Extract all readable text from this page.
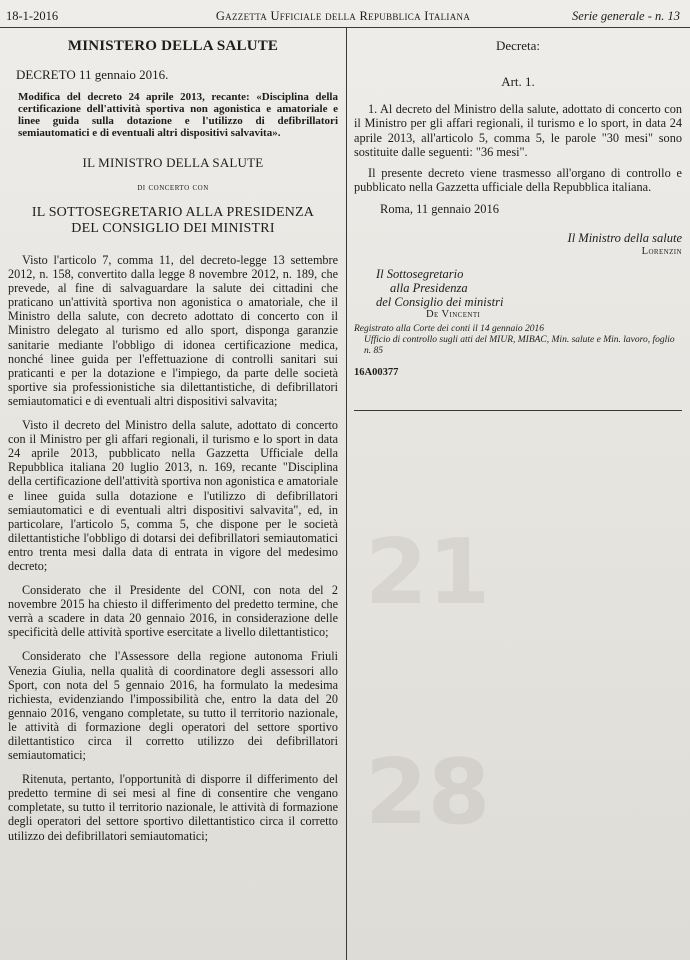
18-1-2016	Gazzetta Ufficiale della Repubblica Italiana	Serie generale - n. 13
21
28
MINISTERO DELLA SALUTE
DECRETO 11 gennaio 2016.
Modifica del decreto 24 aprile 2013, recante: «Disciplina della certificazione dell'attività sportiva non agonistica e amatoriale e linee guida sulla dotazione e l'utilizzo di defibrillatori semiautomatici e di eventuali altri dispositivi salvavita».
IL MINISTRO DELLA SALUTE
di concerto con
IL SOTTOSEGRETARIO ALLA PRESIDENZA
DEL CONSIGLIO DEI MINISTRI

Visto l'articolo 7, comma 11, del decreto-legge 13 settembre 2012, n. 158, convertito dalla legge 8 novembre 2012, n. 189, che prevede, al fine di salvaguardare la salute dei cittadini che praticano un'attività sportiva non agonistica o amatoriale, che il Ministro della salute, con decreto adottato di concerto con il Ministro delegato al turismo ed allo sport, disponga garanzie sanitarie mediante l'obbligo di idonea certificazione medica, nonché linee guida per l'effettuazione di controlli sanitari sui praticanti e per la dotazione e l'impiego, da parte delle società sportive sia professionistiche sia dilettantistiche, di defibrillatori semiautomatici e di eventuali altri dispositivi salvavita;

Visto il decreto del Ministro della salute, adottato di concerto con il Ministro per gli affari regionali, il turismo e lo sport in data 24 aprile 2013, pubblicato nella Gazzetta Ufficiale della Repubblica italiana 20 luglio 2013, n. 169, recante "Disciplina della certificazione dell'attività sportiva non agonistica e amatoriale e linee guida sulla dotazione e l'utilizzo di defibrillatori semiautomatici e di eventuali altri dispositivi salvavita", ed, in particolare, l'articolo 5, comma 5, che dispone per le società dilettantistiche l'obbligo di dotarsi dei defibrillatori semiautomatici entro trenta mesi dalla data di entrata in vigore del medesimo decreto;

Considerato che il Presidente del CONI, con nota del 2 novembre 2015 ha chiesto il differimento del predetto termine, che verrà a scadere in data 20 gennaio 2016, in considerazione delle specificità delle attività sportive esercitate a livello dilettantistico;

Considerato che l'Assessore della regione autonoma Friuli Venezia Giulia, nella qualità di coordinatore degli assessori allo Sport, con nota del 5 gennaio 2016, ha formulato la medesima richiesta, evidenziando l'impossibilità che, entro la data del 20 gennaio 2016, vengano completate, su tutto il territorio nazionale, le attività di formazione degli operatori del settore sportivo dilettantistico circa il corretto utilizzo dei defibrillatori semiautomatici;

Ritenuta, pertanto, l'opportunità di disporre il differimento del predetto termine di sei mesi al fine di consentire che vengano completate, su tutto il territorio nazionale, le attività di formazione degli operatori del settore sportivo dilettantistico circa il corretto utilizzo dei defibrillatori semiautomatici;

Decreta:
Art. 1.

1. Al decreto del Ministro della salute, adottato di concerto con il Ministro per gli affari regionali, il turismo e lo sport, in data 24 aprile 2013, all'articolo 5, comma 5, le parole "30 mesi" sono sostituite dalle seguenti: "36 mesi".

Il presente decreto viene trasmesso all'organo di controllo e pubblicato nella Gazzetta ufficiale della Repubblica italiana.

Roma, 11 gennaio 2016

Il Ministro della salute

Lorenzin

Il Sottosegretario

alla Presidenza

del Consiglio dei ministri

De Vincenti

Registrato alla Corte dei conti il 14 gennaio 2016
Ufficio di controllo sugli atti del MIUR, MIBAC, Min. salute e Min. lavoro, foglio n. 85
16A00377
